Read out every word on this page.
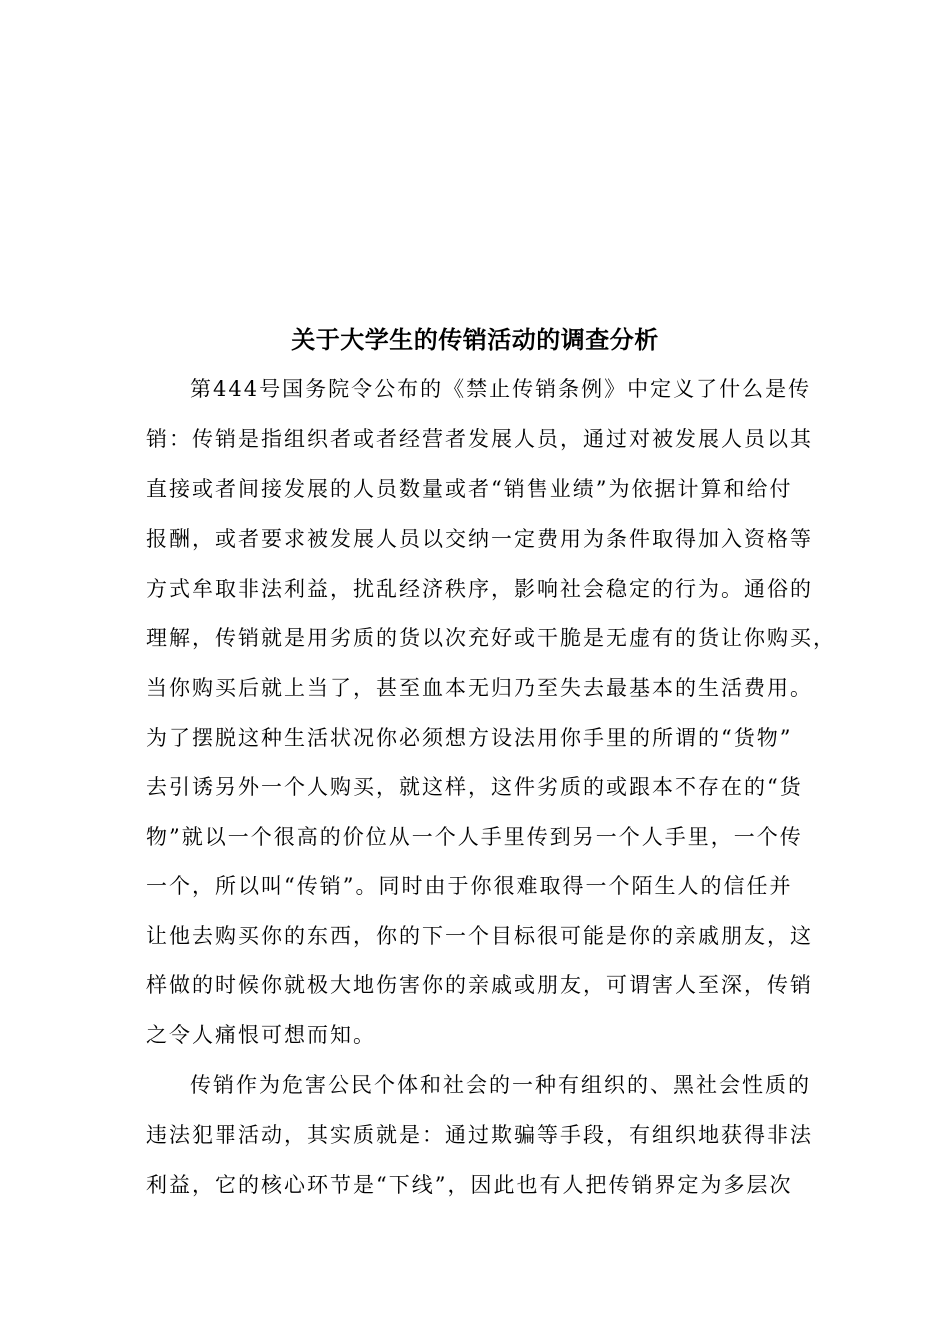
关于大学生的传销活动的调查分析
第444号国务院令公布的《禁止传销条例》中定义了什么是传
销：传销是指组织者或者经营者发展人员，通过对被发展人员以其
直接或者间接发展的人员数量或者“销售业绩”为依据计算和给付
报酬，或者要求被发展人员以交纳一定费用为条件取得加入资格等
方式牟取非法利益，扰乱经济秩序，影响社会稳定的行为。通俗的
理解，传销就是用劣质的货以次充好或干脆是无虚有的货让你购买，
当你购买后就上当了，甚至血本无归乃至失去最基本的生活费用。
为了摆脱这种生活状况你必须想方设法用你手里的所谓的“货物”
去引诱另外一个人购买，就这样，这件劣质的或跟本不存在的“货
物”就以一个很高的价位从一个人手里传到另一个人手里，一个传
一个，所以叫“传销”。同时由于你很难取得一个陌生人的信任并
让他去购买你的东西，你的下一个目标很可能是你的亲戚朋友，这
样做的时候你就极大地伤害你的亲戚或朋友，可谓害人至深，传销
之令人痛恨可想而知。
传销作为危害公民个体和社会的一种有组织的、黑社会性质的
违法犯罪活动，其实质就是：通过欺骗等手段，有组织地获得非法
利益，它的核心环节是“下线”，因此也有人把传销界定为多层次
